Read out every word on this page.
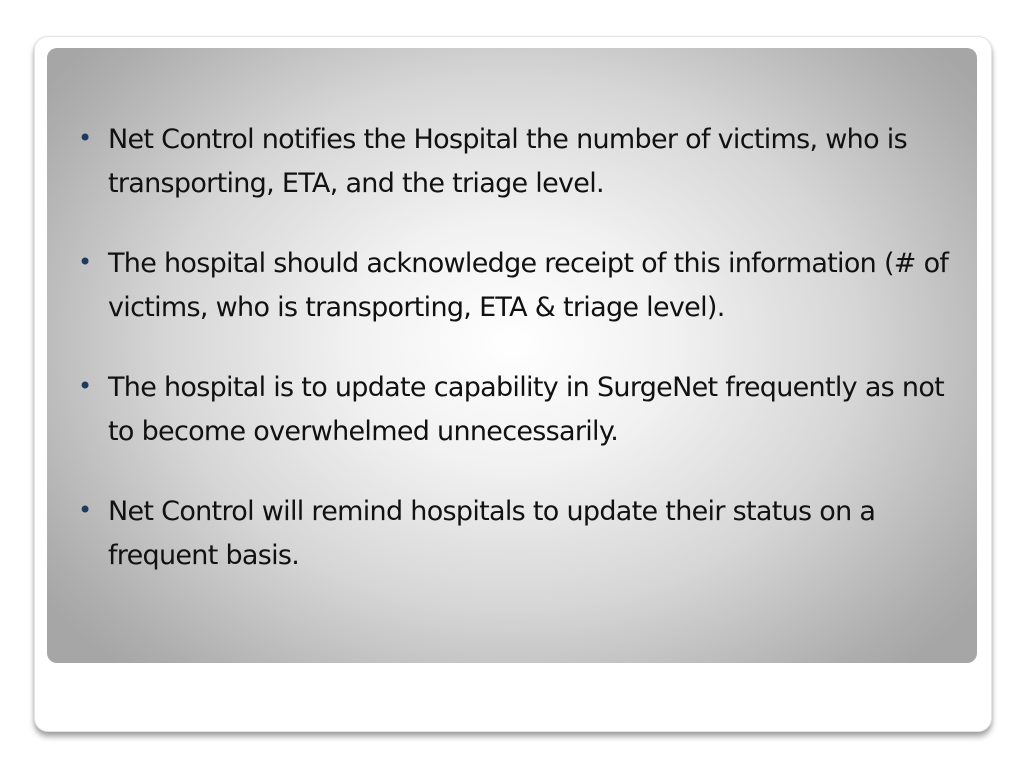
• Net Control notifies the Hospital the number of victims, who is transporting, ETA, and the triage level.
• The hospital should acknowledge receipt of this information (# of victims, who is transporting, ETA & triage level).
• The hospital is to update capability in SurgeNet frequently as not to become overwhelmed unnecessarily.
• Net Control will remind hospitals to update their status on a frequent basis.
